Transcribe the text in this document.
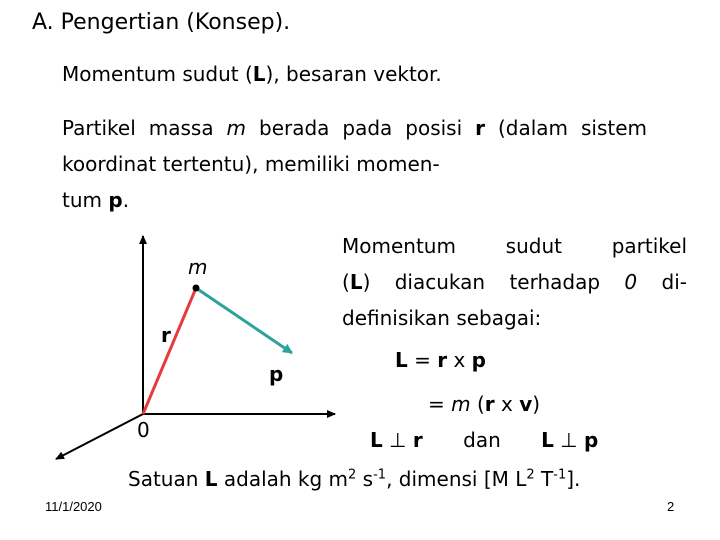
A. Pengertian (Konsep).
Momentum sudut (L), besaran vektor.
Partikel massa m berada pada posisi r (dalam sistem koordinat tertentu), memiliki momen-
tum p.
m
r
p
0
Momentum sudut partikel
(L) diacukan terhadap 0 di-
definisikan sebagai:
L = r x p
= m (r x v)
L ⊥ r dan L ⊥ p
Satuan L adalah kg $m^2$ $s^{-1}$, dimensi [M $L^2$ $T^{-1}$].
11/1/2020	2
